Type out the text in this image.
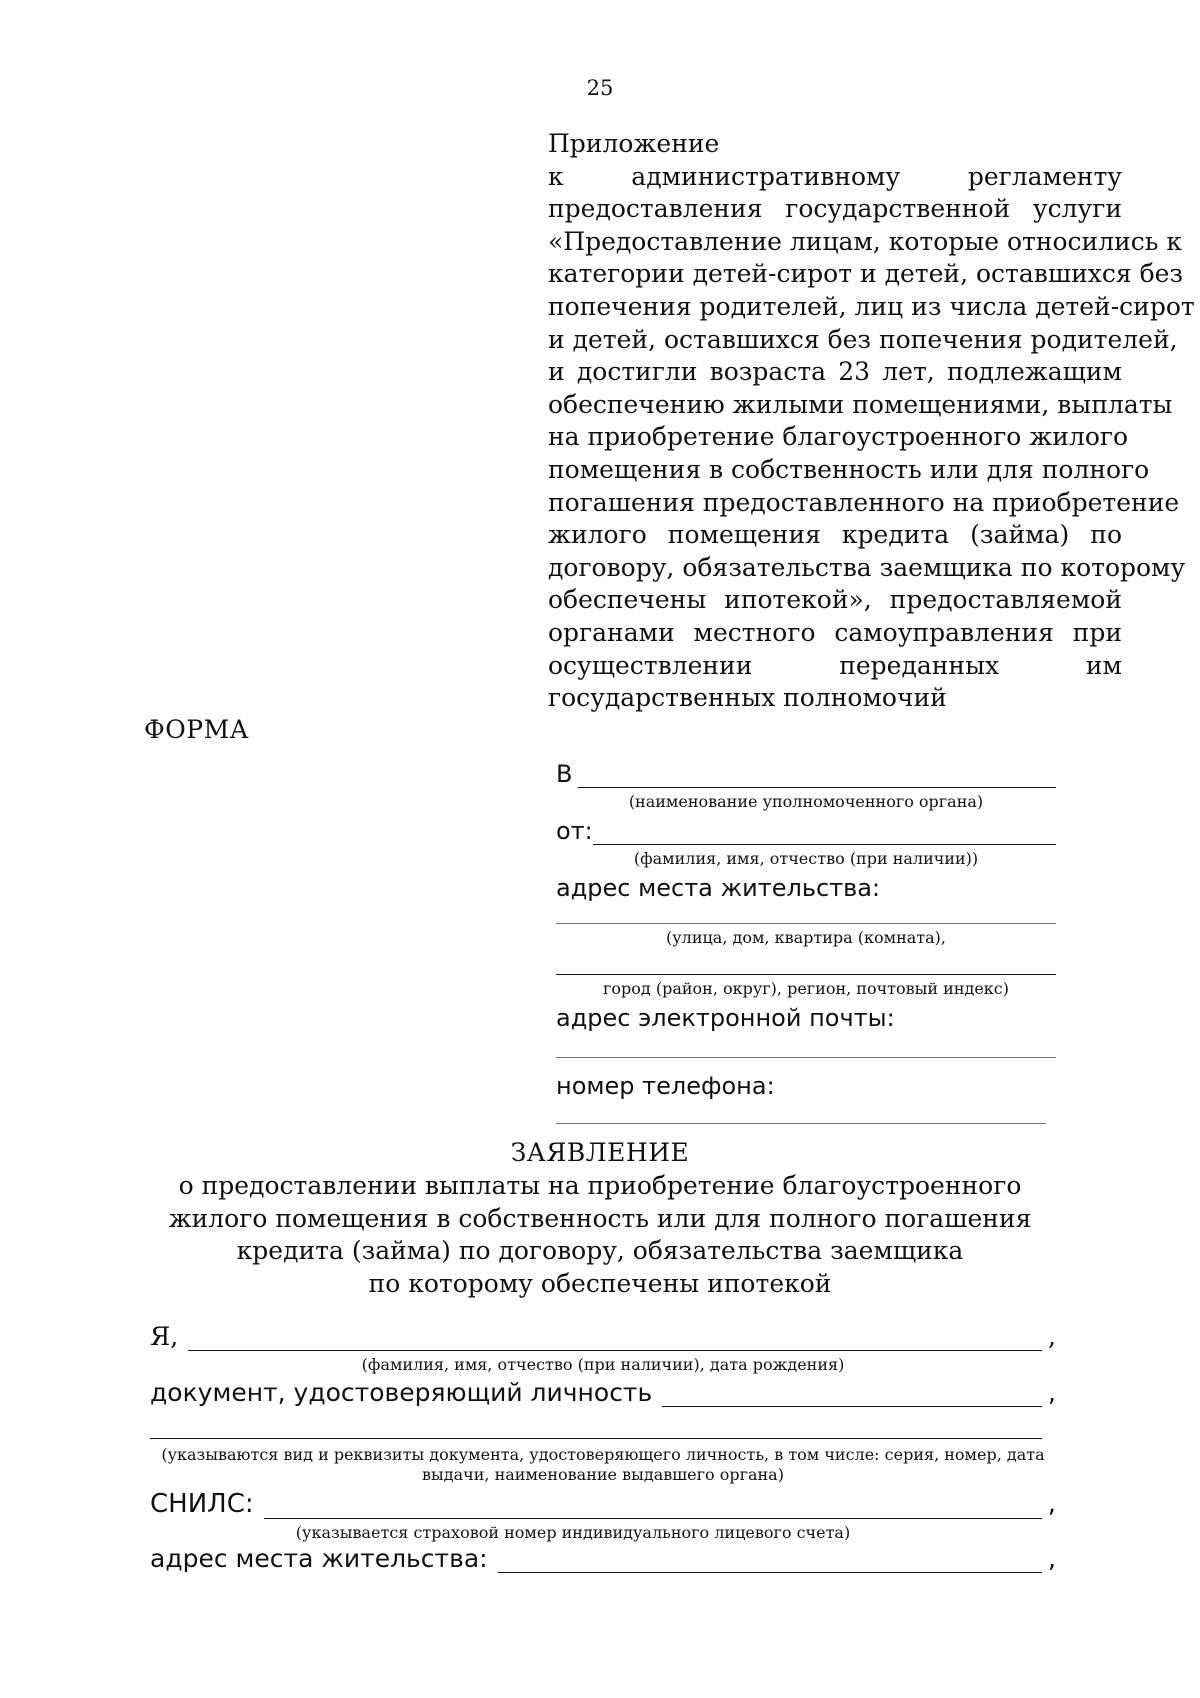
25
Приложение
к административному регламенту
предоставления государственной услуги
«Предоставление лицам, которые относились к
категории детей-сирот и детей, оставшихся без
попечения родителей, лиц из числа детей-сирот
и детей, оставшихся без попечения родителей,
и достигли возраста 23 лет, подлежащим
обеспечению жилыми помещениями, выплаты
на приобретение благоустроенного жилого
помещения в собственность или для полного
погашения предоставленного на приобретение
жилого помещения кредита (займа) по
договору, обязательства заемщика по которому
обеспечены ипотекой», предоставляемой
органами местного самоуправления при
осуществлении переданных им
государственных полномочий
ФОРМА
В
(наименование уполномоченного органа)
от:
(фамилия, имя, отчество (при наличии))
адрес места жительства:
(улица, дом, квартира (комната),
город (район, округ), регион, почтовый индекс)
адрес электронной почты:
номер телефона:
ЗАЯВЛЕНИЕ
о предоставлении выплаты на приобретение благоустроенного
жилого помещения в собственность или для полного погашения
кредита (займа) по договору, обязательства заемщика
по которому обеспечены ипотекой
Я,	,
(фамилия, имя, отчество (при наличии), дата рождения)
документ, удостоверяющий личность	,
(указываются вид и реквизиты документа, удостоверяющего личность, в том числе: серия, номер, дата
выдачи, наименование выдавшего органа)
СНИЛС:	,
(указывается страховой номер индивидуального лицевого счета)
адрес места жительства:	,
